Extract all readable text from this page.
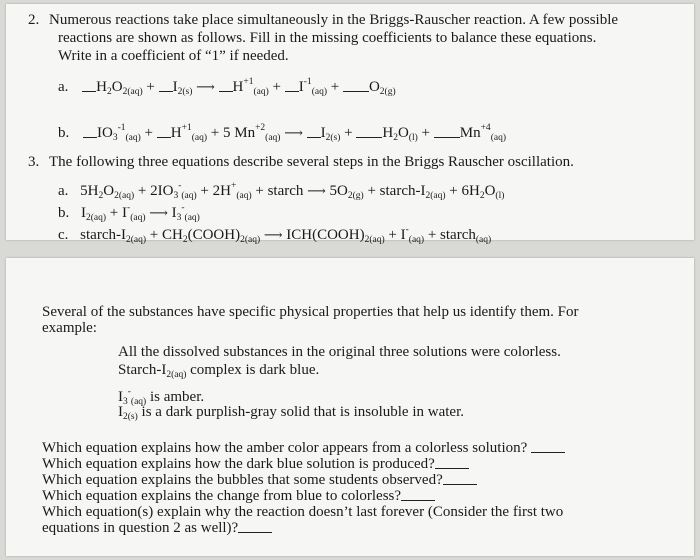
2. Numerous reactions take place simultaneously in the Briggs-Rauscher reaction. A few possible
reactions are shown as follows. Fill in the missing coefficients to balance these equations.
Write in a coefficient of “1” if needed.
a. $H_2O_{2(aq)} + I_{2(s)}$ ⟶ $H^{+1}_{(aq)} + I^{-1}_{(aq)} + O_{2(g)}$
b. $IO_3^{-1}_{(aq)} + H^{+1}_{(aq)} + 5$ $Mn^{+2}_{(aq)}$ ⟶ $I_{2(s)} + H_2O_{(l)} + Mn^{+4}_{(aq)}$
3. The following three equations describe several steps in the Briggs Rauscher oscillation.
a. $5H_2O_{2(aq)} + 2IO_3^-_{(aq)} + 2H^+_{(aq)}$ + starch ⟶ $5O_{2(g)}$ + starch-$I_{2(aq)} + 6H_2O_{(l)}$
b. $I_{2(aq)} + I^-_{(aq)}$ ⟶ $I_3^-_{(aq)}$
c. starch-$I_{2(aq)}$ + $CH_2(COOH)_{2(aq)}$ ⟶ $ICH(COOH)_{2(aq)} + I^-_{(aq)}$ + starch$_{(aq)}$
Several of the substances have specific physical properties that help us identify them. For
example:
All the dissolved substances in the original three solutions were colorless.
Starch-$I_{2(aq)}$ complex is dark blue.
$I_3^-_{(aq)}$ is amber.
$I_{2(s)}$ is a dark purplish-gray solid that is insoluble in water.
Which equation explains how the amber color appears from a colorless solution?
Which equation explains how the dark blue solution is produced?
Which equation explains the bubbles that some students observed?
Which equation explains the change from blue to colorless?
Which equation(s) explain why the reaction doesn’t last forever (Consider the first two
equations in question 2 as well)?
